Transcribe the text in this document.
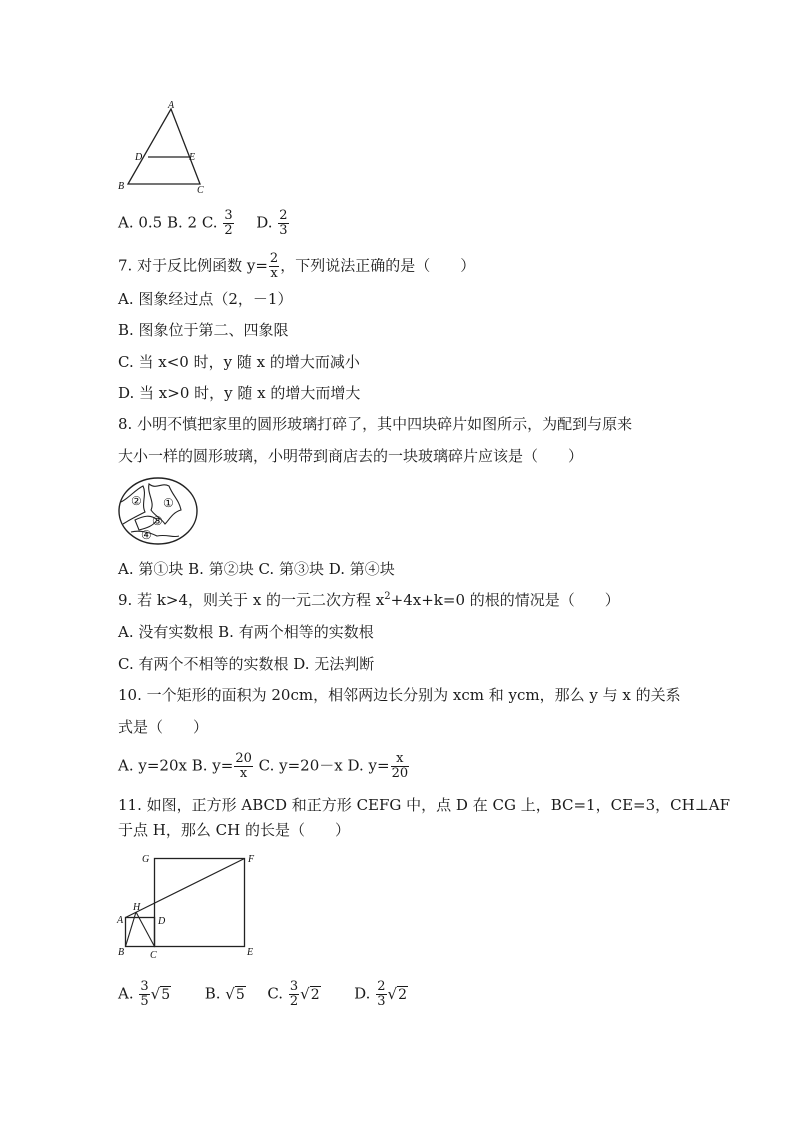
A
D	E
B	C
A. 0.5 B. 2 C. $\frac{3}{2} D$. $\frac{2}{3}$
7. 对于反比例函数 $y= \frac{2}{x}$ ，下列说法正确的是（　　）
A. 图象经过点（2，－1）
B. 图象位于第二、四象限
C. 当 x<0 时，y 随 x 的增大而减小
D. 当 x>0 时，y 随 x 的增大而增大
8. 小明不慎把家里的圆形玻璃打碎了，其中四块碎片如图所示，为配到与原来
大小一样的圆形玻璃，小明带到商店去的一块玻璃碎片应该是（　　）
② ①
③
④
A. 第①块 B. 第②块 C. 第③块 D. 第④块
9. 若 k>4，则关于 x 的一元二次方程 $x^2+4x+k=0$ 的根的情况是（　　）
A. 没有实数根 B. 有两个相等的实数根
C. 有两个不相等的实数根 D. 无法判断
10. 一个矩形的面积为 20cm，相邻两边长分别为 xcm 和 ycm，那么 y 与 x 的关系
式是（　　）
A. y=20x B. $y= \frac{20}{x} C$. y=20－x D. $y= \frac{x}{20}$
11. 如图，正方形 ABCD 和正方形 CEFG 中，点 D 在 CG 上，BC=1，CE=3，CH⊥AF
于点 H，那么 CH 的长是（　　）
G	F
A
H
D
B	C	E
A. $\frac{3}{5} √5$ B. √5 C. $\frac{3}{2} √2$ D. $\frac{2}{3} √2$
